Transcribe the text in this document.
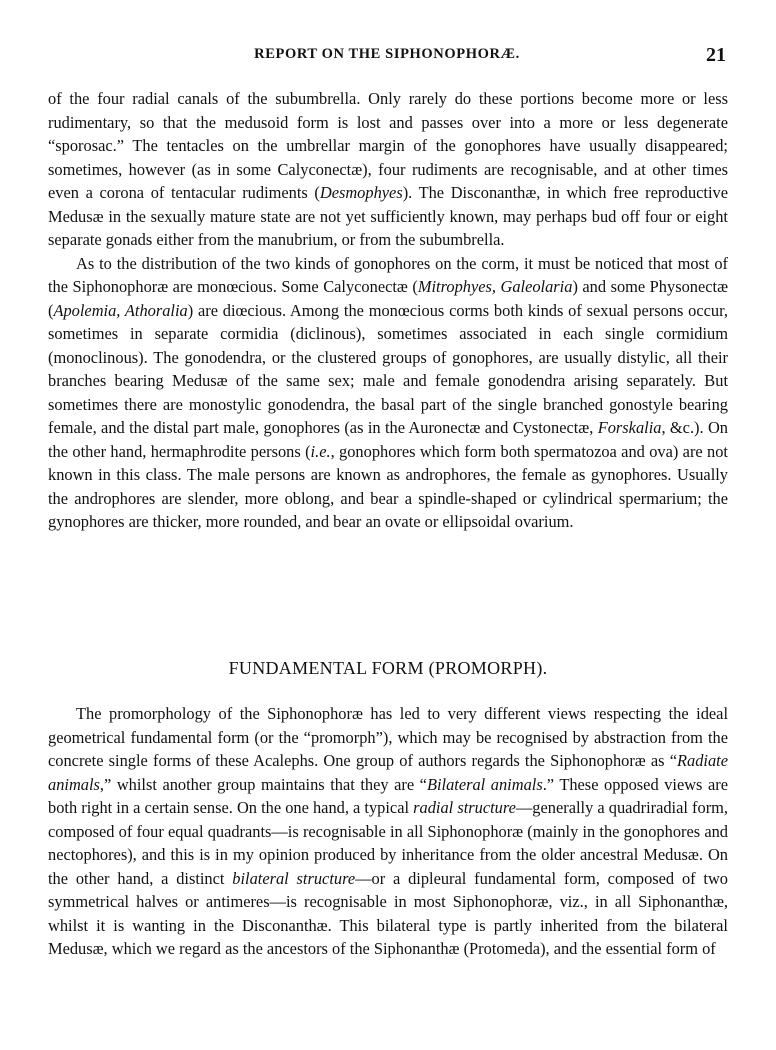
REPORT ON THE SIPHONOPHORÆ.	21

of the four radial canals of the subumbrella. Only rarely do these portions become more or less rudimentary, so that the medusoid form is lost and passes over into a more or less degenerate “sporosac.” The tentacles on the umbrellar margin of the gonophores have usually disappeared; sometimes, however (as in some Calyconectæ), four rudiments are recognisable, and at other times even a corona of tentacular rudiments (Desmophyes). The Disconanthæ, in which free reproductive Medusæ in the sexually mature state are not yet sufficiently known, may perhaps bud off four or eight separate gonads either from the manubrium, or from the subumbrella.

As to the distribution of the two kinds of gonophores on the corm, it must be noticed that most of the Siphonophoræ are monœcious. Some Calyconectæ (Mitrophyes, Galeolaria) and some Physonectæ (Apolemia, Athoralia) are diœcious. Among the monœcious corms both kinds of sexual persons occur, sometimes in separate cormidia (diclinous), sometimes associated in each single cormidium (monoclinous). The gonodendra, or the clustered groups of gonophores, are usually distylic, all their branches bearing Medusæ of the same sex; male and female gonodendra arising separately. But sometimes there are monostylic gonodendra, the basal part of the single branched gonostyle bearing female, and the distal part male, gonophores (as in the Auronectæ and Cystonectæ, Forskalia, &c.). On the other hand, hermaphrodite persons (i.e., gonophores which form both spermatozoa and ova) are not known in this class. The male persons are known as androphores, the female as gynophores. Usually the androphores are slender, more oblong, and bear a spindle-shaped or cylindrical spermarium; the gynophores are thicker, more rounded, and bear an ovate or ellipsoidal ovarium.

FUNDAMENTAL FORM (PROMORPH).

The promorphology of the Siphonophoræ has led to very different views respecting the ideal geometrical fundamental form (or the “promorph”), which may be recognised by abstraction from the concrete single forms of these Acalephs. One group of authors regards the Siphonophoræ as “Radiate animals,” whilst another group maintains that they are “Bilateral animals.” These opposed views are both right in a certain sense. On the one hand, a typical radial structure—generally a quadriradial form, composed of four equal quadrants—is recognisable in all Siphonophoræ (mainly in the gonophores and nectophores), and this is in my opinion produced by inheritance from the older ancestral Medusæ. On the other hand, a distinct bilateral structure—or a dipleural fundamental form, composed of two symmetrical halves or antimeres—is recognisable in most Siphonophoræ, viz., in all Siphonanthæ, whilst it is wanting in the Disconanthæ. This bilateral type is partly inherited from the bilateral Medusæ, which we regard as the ancestors of the Siphonanthæ (Protomeda), and the essential form of
